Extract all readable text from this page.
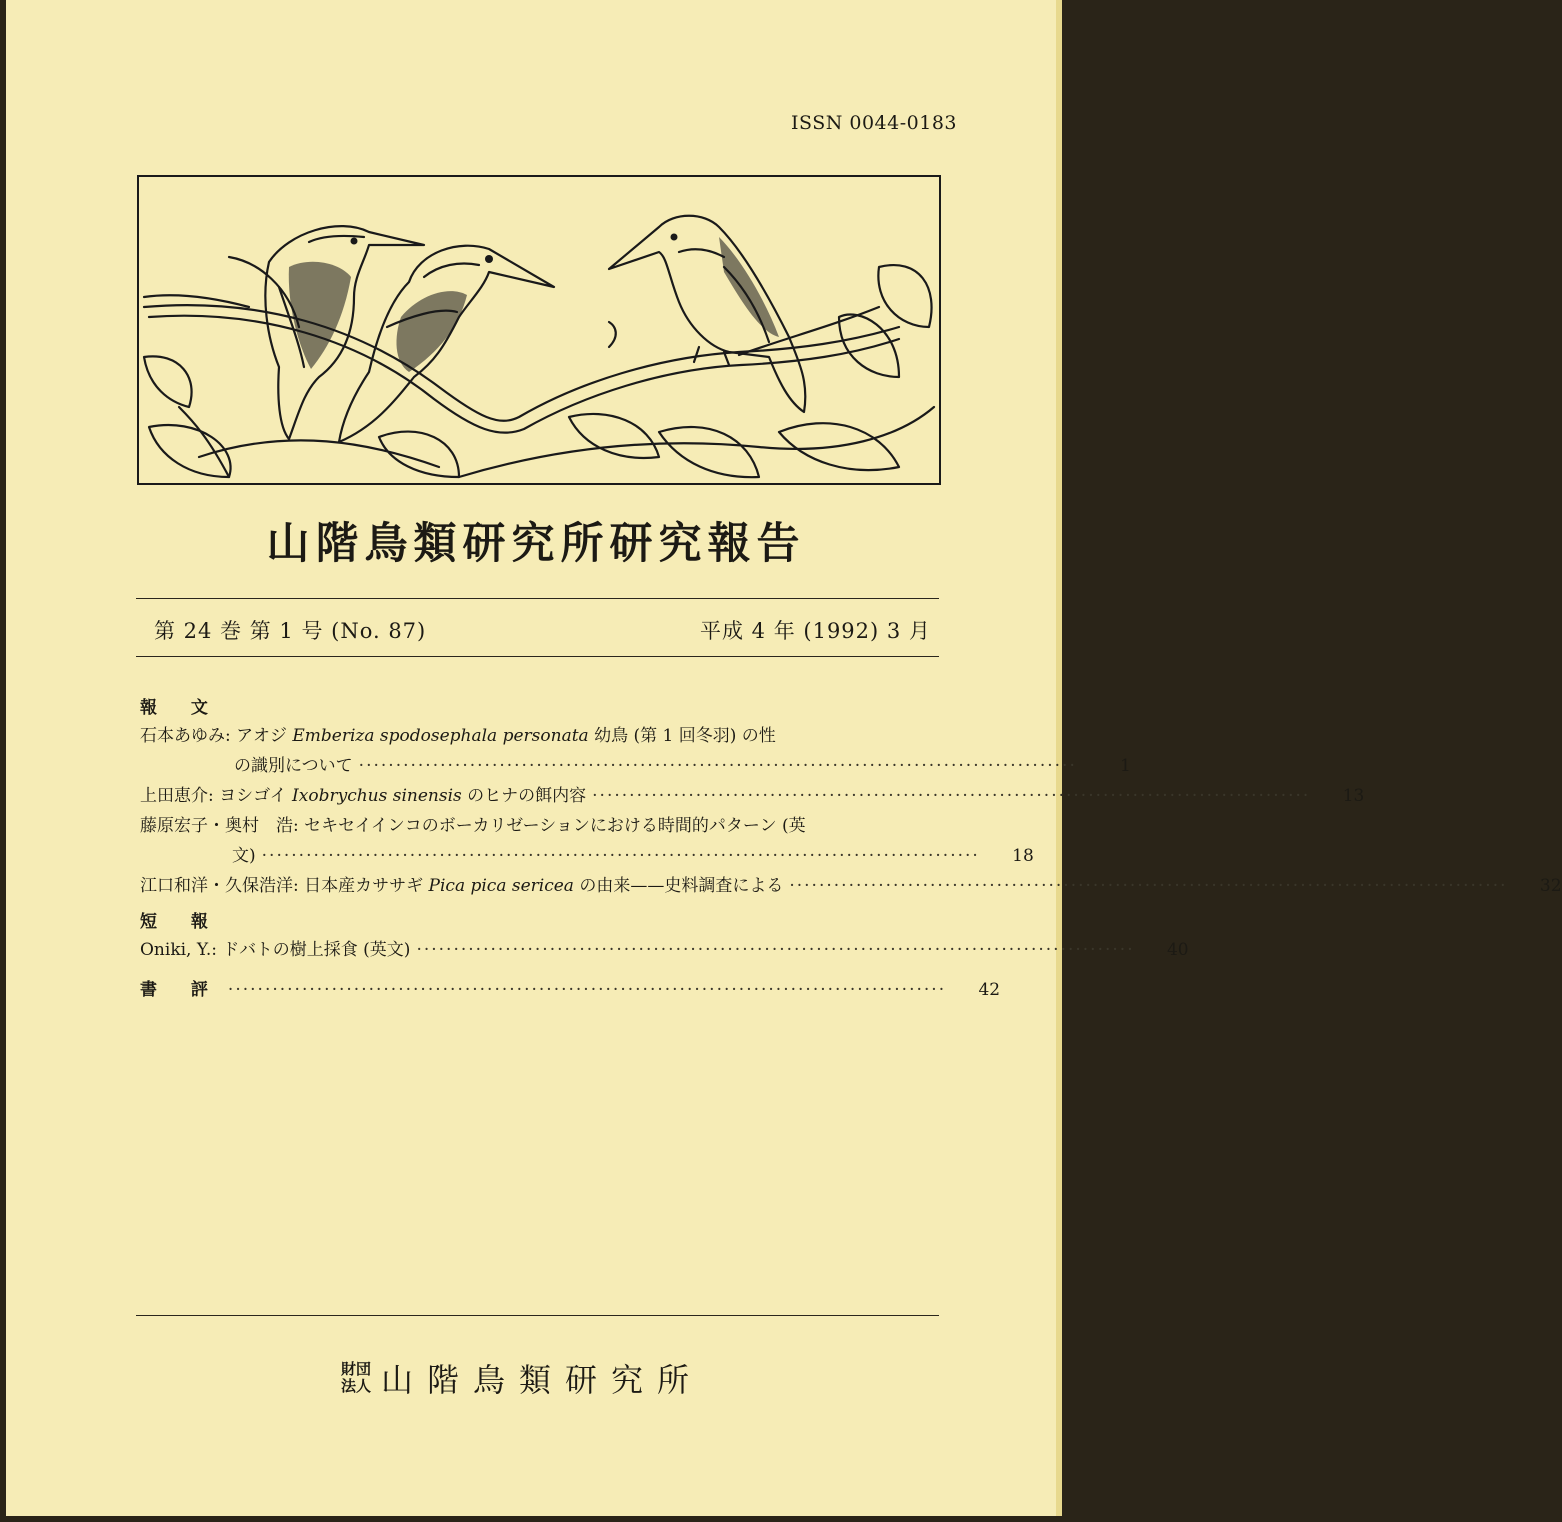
ISSN 0044-0183
山階鳥類研究所研究報告
第 24 巻 第 1 号 (No. 87)	平成 4 年 (1992) 3 月
報 文
石本あゆみ: アオジ Emberiza spodosephala personata 幼鳥 (第 1 回冬羽) の性
の識別について ·································································································	1
上田恵介: ヨシゴイ Ixobrychus sinensis のヒナの餌内容 ·································································································	13
藤原宏子・奥村　浩: セキセイインコのボーカリゼーションにおける時間的パターン (英
文) ·································································································	18
江口和洋・久保浩洋: 日本産カササギ Pica pica sericea の由来——史料調査による ·································································································	32
短 報
Oniki, Y.: ドバトの樹上採食 (英文) ·································································································	40
書 評 ·································································································	42
財団
法人 山階鳥類研究所
